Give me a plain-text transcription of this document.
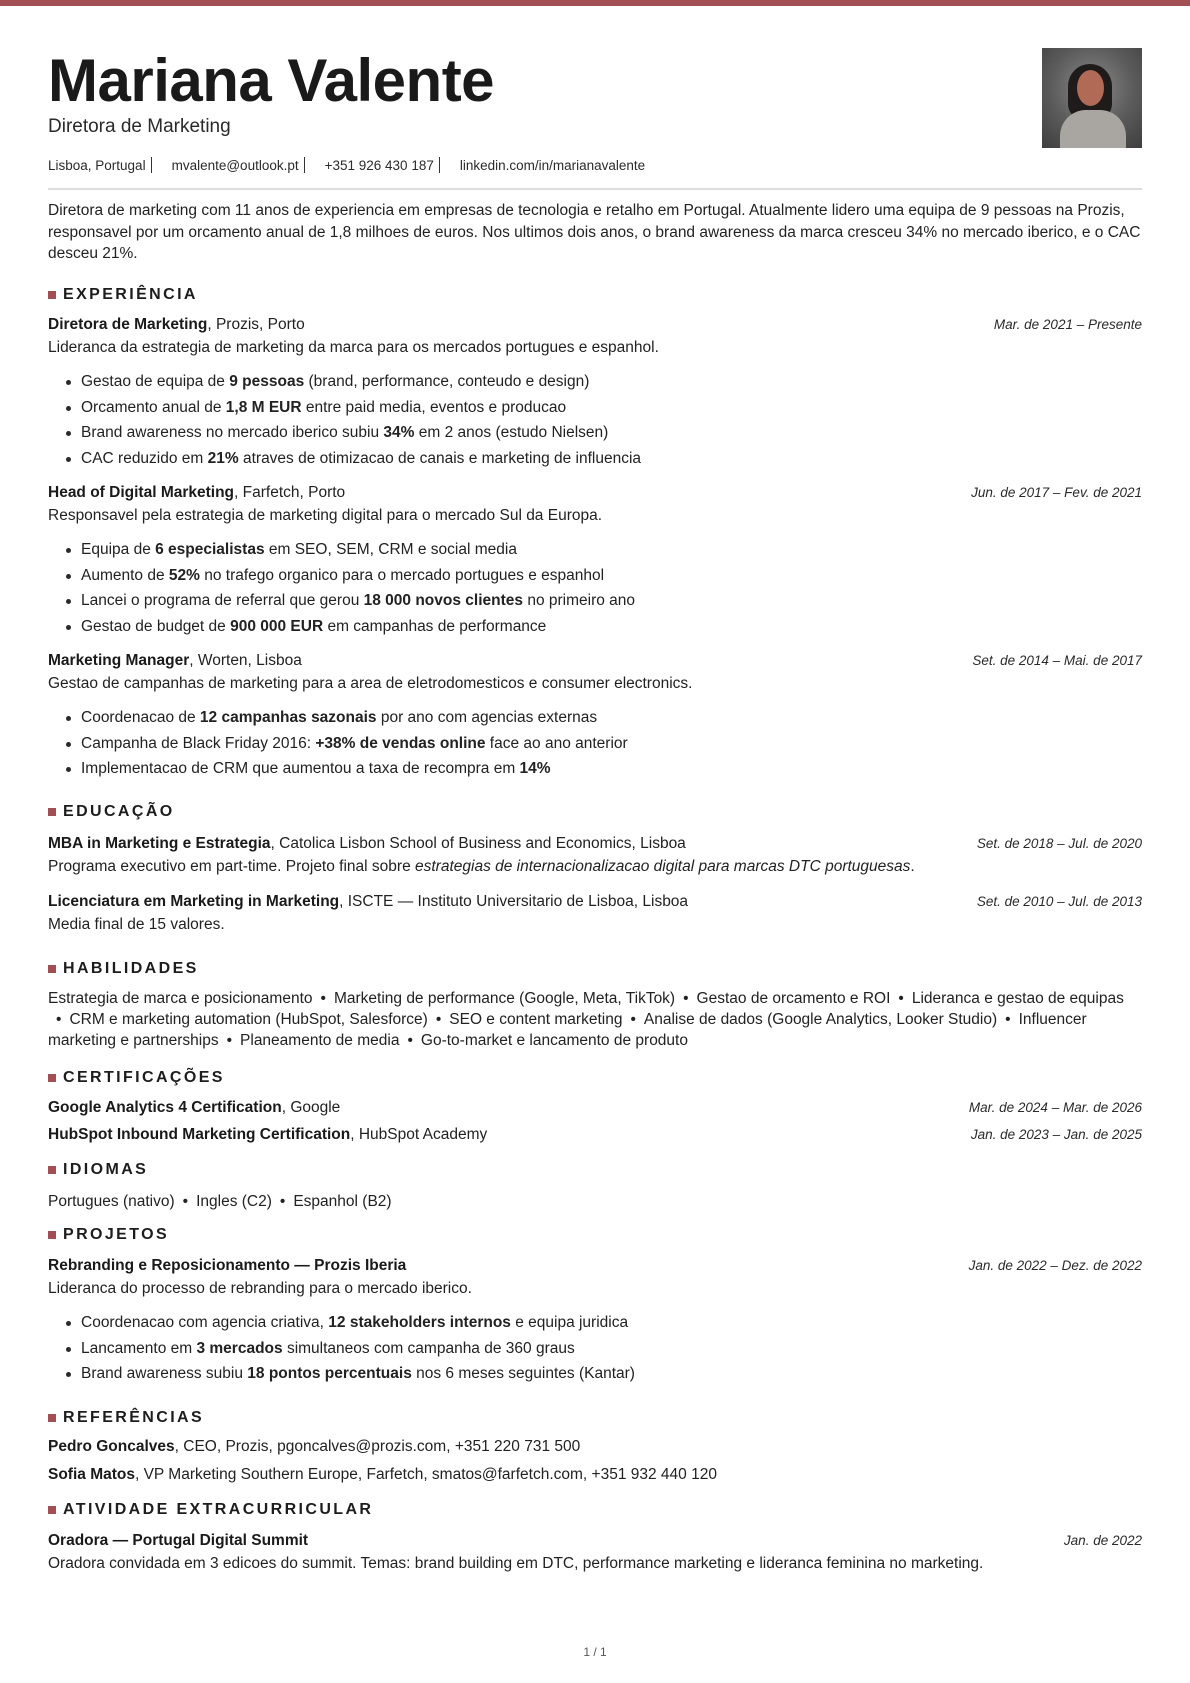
Mariana Valente
Diretora de Marketing
Lisboa, Portugal mvalente@outlook.pt +351 926 430 187 linkedin.com/in/marianavalente
Diretora de marketing com 11 anos de experiencia em empresas de tecnologia e retalho em Portugal. Atualmente lidero uma equipa de 9 pessoas na Prozis, responsavel por um orcamento anual de 1,8 milhoes de euros. Nos ultimos dois anos, o brand awareness da marca cresceu 34% no mercado iberico, e o CAC desceu 21%.
EXPERIÊNCIA
Diretora de Marketing, Prozis, Porto	Mar. de 2021 – Presente
Lideranca da estrategia de marketing da marca para os mercados portugues e espanhol.
Gestao de equipa de 9 pessoas (brand, performance, conteudo e design)
Orcamento anual de 1,8 M EUR entre paid media, eventos e producao
Brand awareness no mercado iberico subiu 34% em 2 anos (estudo Nielsen)
CAC reduzido em 21% atraves de otimizacao de canais e marketing de influencia
Head of Digital Marketing, Farfetch, Porto	Jun. de 2017 – Fev. de 2021
Responsavel pela estrategia de marketing digital para o mercado Sul da Europa.
Equipa de 6 especialistas em SEO, SEM, CRM e social media
Aumento de 52% no trafego organico para o mercado portugues e espanhol
Lancei o programa de referral que gerou 18 000 novos clientes no primeiro ano
Gestao de budget de 900 000 EUR em campanhas de performance
Marketing Manager, Worten, Lisboa	Set. de 2014 – Mai. de 2017
Gestao de campanhas de marketing para a area de eletrodomesticos e consumer electronics.
Coordenacao de 12 campanhas sazonais por ano com agencias externas
Campanha de Black Friday 2016: +38% de vendas online face ao ano anterior
Implementacao de CRM que aumentou a taxa de recompra em 14%
EDUCAÇÃO
MBA in Marketing e Estrategia, Catolica Lisbon School of Business and Economics, Lisboa	Set. de 2018 – Jul. de 2020
Programa executivo em part-time. Projeto final sobre estrategias de internacionalizacao digital para marcas DTC portuguesas.
Licenciatura em Marketing in Marketing, ISCTE — Instituto Universitario de Lisboa, Lisboa	Set. de 2010 – Jul. de 2013
Media final de 15 valores.
HABILIDADES
Estrategia de marca e posicionamento • Marketing de performance (Google, Meta, TikTok) • Gestao de orcamento e ROI • Lideranca e gestao de equipas• CRM e marketing automation (HubSpot, Salesforce) • SEO e content marketing • Analise de dados (Google Analytics, Looker Studio) • Influencer marketing e partnerships • Planeamento de media • Go-to-market e lancamento de produto
CERTIFICAÇÕES
Google Analytics 4 Certification, Google	Mar. de 2024 – Mar. de 2026
HubSpot Inbound Marketing Certification, HubSpot Academy	Jan. de 2023 – Jan. de 2025
IDIOMAS
Portugues (nativo) • Ingles (C2) • Espanhol (B2)
PROJETOS
Rebranding e Reposicionamento — Prozis Iberia	Jan. de 2022 – Dez. de 2022
Lideranca do processo de rebranding para o mercado iberico.
Coordenacao com agencia criativa, 12 stakeholders internos e equipa juridica
Lancamento em 3 mercados simultaneos com campanha de 360 graus
Brand awareness subiu 18 pontos percentuais nos 6 meses seguintes (Kantar)
REFERÊNCIAS
Pedro Goncalves, CEO, Prozis, pgoncalves@prozis.com, +351 220 731 500
Sofia Matos, VP Marketing Southern Europe, Farfetch, smatos@farfetch.com, +351 932 440 120
ATIVIDADE EXTRACURRICULAR
Oradora — Portugal Digital Summit	Jan. de 2022
Oradora convidada em 3 edicoes do summit. Temas: brand building em DTC, performance marketing e lideranca feminina no marketing.
1 / 1
